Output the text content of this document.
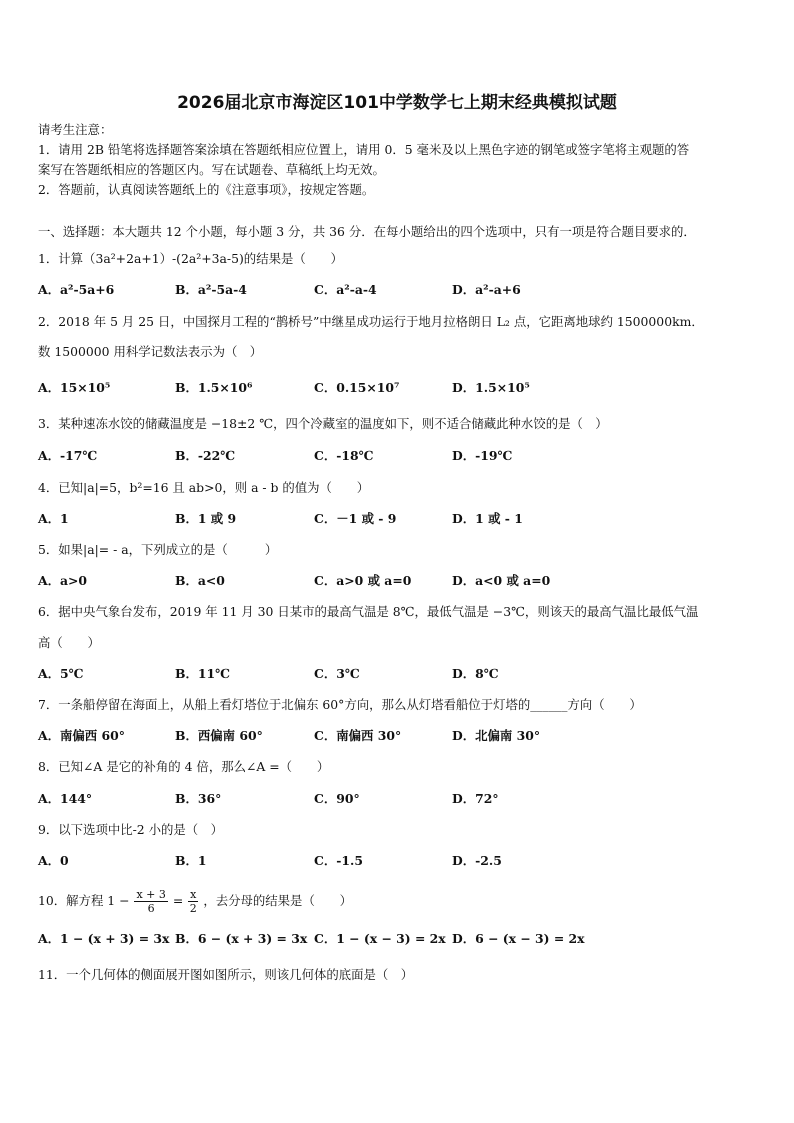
2026届北京市海淀区101中学数学七上期末经典模拟试题
请考生注意：
1．请用 2B 铅笔将选择题答案涂填在答题纸相应位置上，请用 0．5 毫米及以上黑色字迹的钢笔或签字笔将主观题的答
案写在答题纸相应的答题区内。写在试题卷、草稿纸上均无效。
2．答题前，认真阅读答题纸上的《注意事项》，按规定答题。
一、选择题：本大题共 12 个小题，每小题 3 分，共 36 分．在每小题给出的四个选项中，只有一项是符合题目要求的．
1．计算（3a²+2a+1）-(2a²+3a-5)的结果是（　　）
A．a²-5a+6	B．a²-5a-4	C．a²-a-4	D．a²-a+6
2．2018 年 5 月 25 日，中国探月工程的“鹊桥号”中继星成功运行于地月拉格朗日 L₂ 点，它距离地球约 1500000km．
数 1500000 用科学记数法表示为（　）
A．15×10⁵	B．1.5×10⁶	C．0.15×10⁷	D．1.5×10⁵
3．某种速冻水饺的储藏温度是 −18±2 ℃，四个冷藏室的温度如下，则不适合储藏此种水饺的是（　）
A．-17℃	B．-22℃	C．-18℃	D．-19℃
4．已知|a|=5，b²=16 且 ab>0，则 a - b 的值为（　　）
A．1	B．1 或 9	C．－1 或 - 9	D．1 或 - 1
5．如果|a|= - a，下列成立的是（　　　）
A．a>0	B．a<0	C．a>0 或 a=0	D．a<0 或 a=0
6．据中央气象台发布，2019 年 11 月 30 日某市的最高气温是 8℃，最低气温是 −3℃，则该天的最高气温比最低气温
高（　　）
A．5℃	B．11℃	C．3℃	D．8℃
7．一条船停留在海面上，从船上看灯塔位于北偏东 60°方向，那么从灯塔看船位于灯塔的______方向（　　）
A．南偏西 60°	B．西偏南 60°	C．南偏西 30°	D．北偏南 30°
8．已知∠A 是它的补角的 4 倍，那么∠A =（　　）
A．144°	B．36°	C．90°	D．72°
9．以下选项中比-2 小的是（　）
A．0	B．1	C．-1.5	D．-2.5
10．解方程 $1 - \frac{x + 3}{6} = \frac{x}{2}$ ，去分母的结果是（　　）
A．1 − (x + 3) = 3x B．6 − (x + 3) = 3x C．1 − (x − 3) = 2x D．6 − (x − 3) = 2x
11．一个几何体的侧面展开图如图所示，则该几何体的底面是（　）
